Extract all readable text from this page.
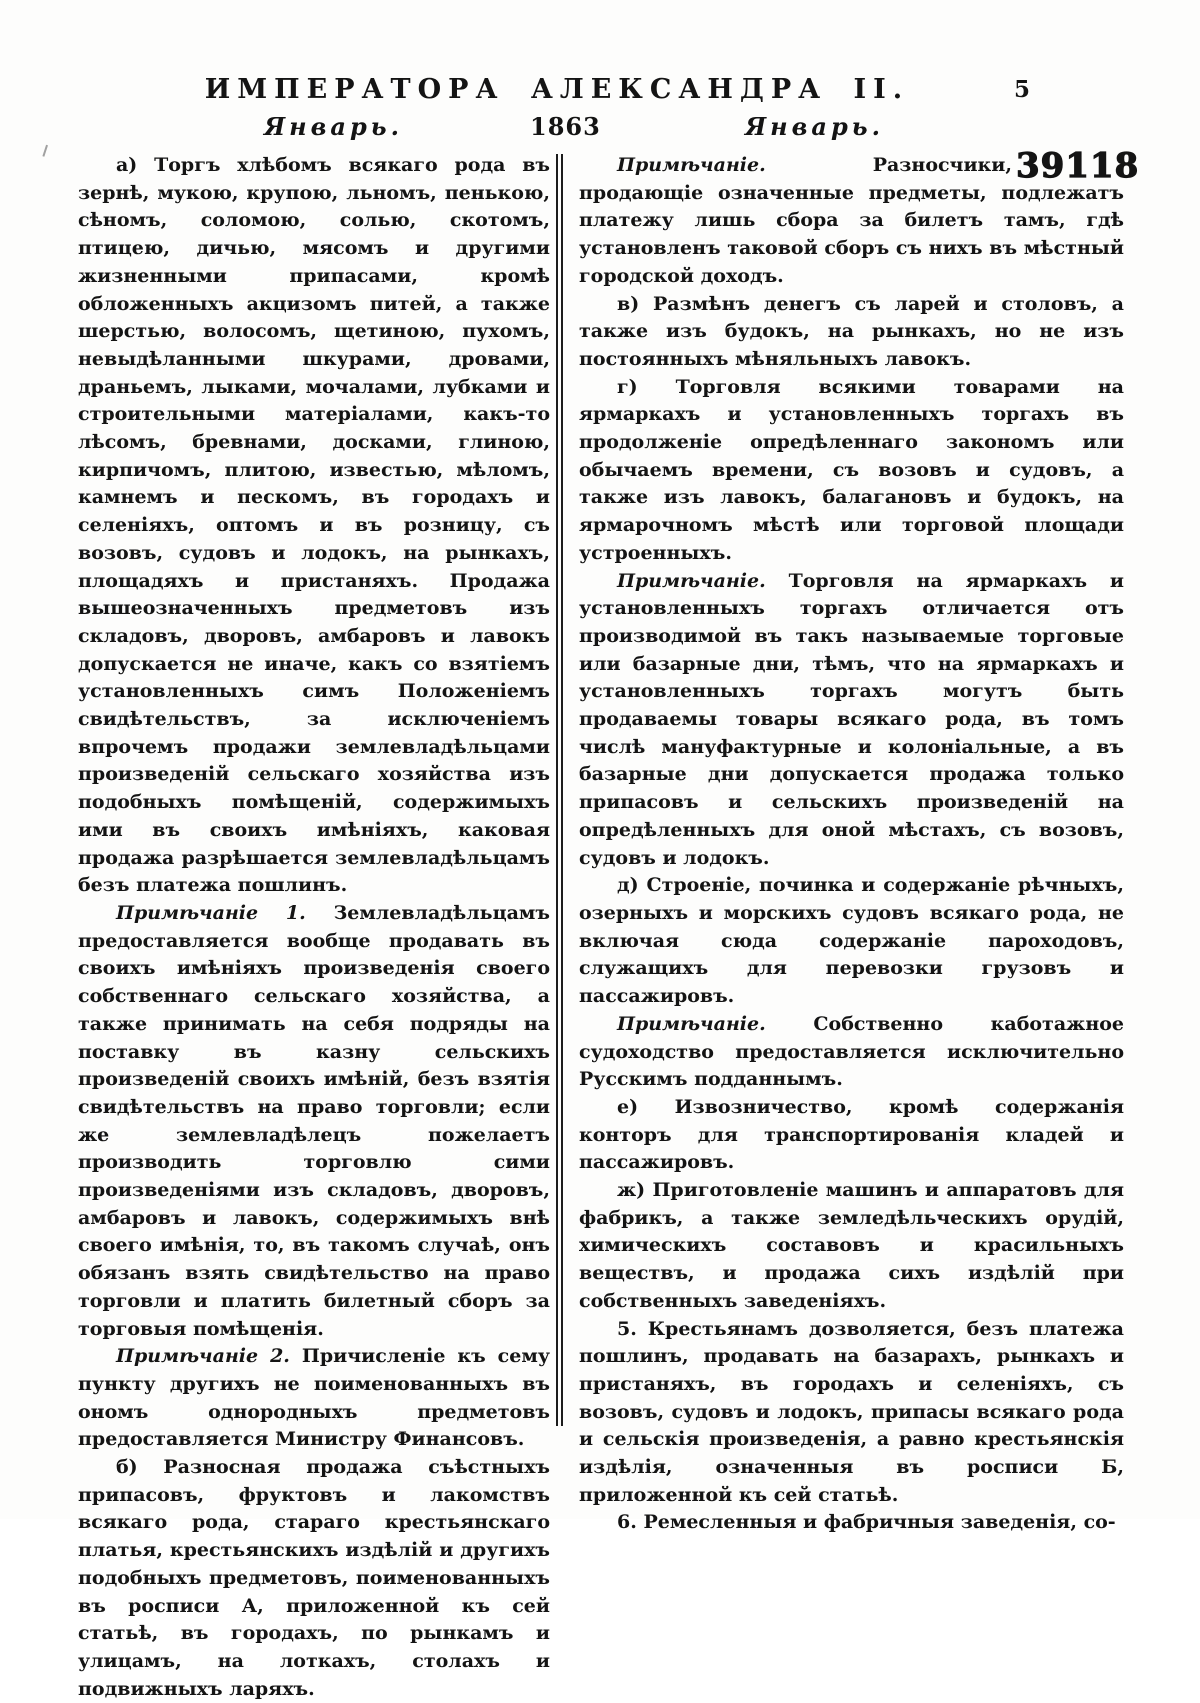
ИМПЕРАТОРА АЛЕКСАНДРА II.	5
Январь.	1863	Январь.
39118

а) Торгъ хлѣбомъ всякаго рода въ зернѣ, мукою, крупою, льномъ, пенькою, сѣномъ, соломою, солью, скотомъ, птицею, дичью, мясомъ и другими жизненными припасами, кромѣ обложенныхъ акцизомъ питей, а также шерстью, волосомъ, щетиною, пухомъ, невыдѣланными шкурами, дровами, драньемъ, лыками, мочалами, лубками и строительными матеріалами, какъ-то лѣсомъ, бревнами, досками, глиною, кирпичомъ, плитою, известью, мѣломъ, камнемъ и пескомъ, въ городахъ и селеніяхъ, оптомъ и въ розницу, съ возовъ, судовъ и лодокъ, на рынкахъ, площадяхъ и пристаняхъ. Продажа вышеозначенныхъ предметовъ изъ складовъ, дворовъ, амбаровъ и лавокъ допускается не иначе, какъ со взятіемъ установленныхъ симъ Положеніемъ свидѣтельствъ, за исключеніемъ впрочемъ продажи землевладѣльцами произведеній сельскаго хозяйства изъ подобныхъ помѣщеній, содержимыхъ ими въ своихъ имѣніяхъ, каковая продажа разрѣшается землевладѣльцамъ безъ платежа пошлинъ.

Примѣчаніе 1. Землевладѣльцамъ предоставляется вообще продавать въ своихъ имѣніяхъ произведенія своего собственнаго сельскаго хозяйства, а также принимать на себя подряды на поставку въ казну сельскихъ произведеній своихъ имѣній, безъ взятія свидѣтельствъ на право торговли; если же землевладѣлецъ пожелаетъ производить торговлю сими произведеніями изъ складовъ, дворовъ, амбаровъ и лавокъ, содержимыхъ внѣ своего имѣнія, то, въ такомъ случаѣ, онъ обязанъ взять свидѣтельство на право торговли и платить билетный сборъ за торговыя помѣщенія.

Примѣчаніе 2. Причисленіе къ сему пункту другихъ не поименованныхъ въ ономъ однородныхъ предметовъ предоставляется Министру Финансовъ.

б) Разносная продажа съѣстныхъ припасовъ, фруктовъ и лакомствъ всякаго рода, стараго крестьянскаго платья, крестьянскихъ издѣлій и другихъ подобныхъ предметовъ, поименованныхъ въ росписи А, приложенной къ сей статьѣ, въ городахъ, по рынкамъ и улицамъ, на лоткахъ, столахъ и подвижныхъ ларяхъ.

Примѣчаніе. Разносчики, продающіе означенные предметы, подлежатъ платежу лишь сбора за билетъ тамъ, гдѣ установленъ таковой сборъ съ нихъ въ мѣстный городской доходъ.

в) Размѣнъ денегъ съ ларей и столовъ, а также изъ будокъ, на рынкахъ, но не изъ постоянныхъ мѣняльныхъ лавокъ.

г) Торговля всякими товарами на ярмаркахъ и установленныхъ торгахъ въ продолженіе опредѣленнаго закономъ или обычаемъ времени, съ возовъ и судовъ, а также изъ лавокъ, балагановъ и будокъ, на ярмарочномъ мѣстѣ или торговой площади устроенныхъ.

Примѣчаніе. Торговля на ярмаркахъ и установленныхъ торгахъ отличается отъ производимой въ такъ называемые торговые или базарные дни, тѣмъ, что на ярмаркахъ и установленныхъ торгахъ могутъ быть продаваемы товары всякаго рода, въ томъ числѣ мануфактурные и колоніальные, а въ базарные дни допускается продажа только припасовъ и сельскихъ произведеній на опредѣленныхъ для оной мѣстахъ, съ возовъ, судовъ и лодокъ.

д) Строеніе, починка и содержаніе рѣчныхъ, озерныхъ и морскихъ судовъ всякаго рода, не включая сюда содержаніе пароходовъ, служащихъ для перевозки грузовъ и пассажировъ.

Примѣчаніе. Собственно каботажное судоходство предоставляется исключительно Русскимъ подданнымъ.

е) Извозничество, кромѣ содержанія конторъ для транспортированія кладей и пассажировъ.

ж) Приготовленіе машинъ и аппаратовъ для фабрикъ, а также земледѣльческихъ орудій, химическихъ составовъ и красильныхъ веществъ, и продажа сихъ издѣлій при собственныхъ заведеніяхъ.

5. Крестьянамъ дозволяется, безъ платежа пошлинъ, продавать на базарахъ, рынкахъ и пристаняхъ, въ городахъ и селеніяхъ, съ возовъ, судовъ и лодокъ, припасы всякаго рода и сельскія произведенія, а равно крестьянскія издѣлія, означенныя въ росписи Б, приложенной къ сей статьѣ.

6. Ремесленныя и фабричныя заведенія, со-
